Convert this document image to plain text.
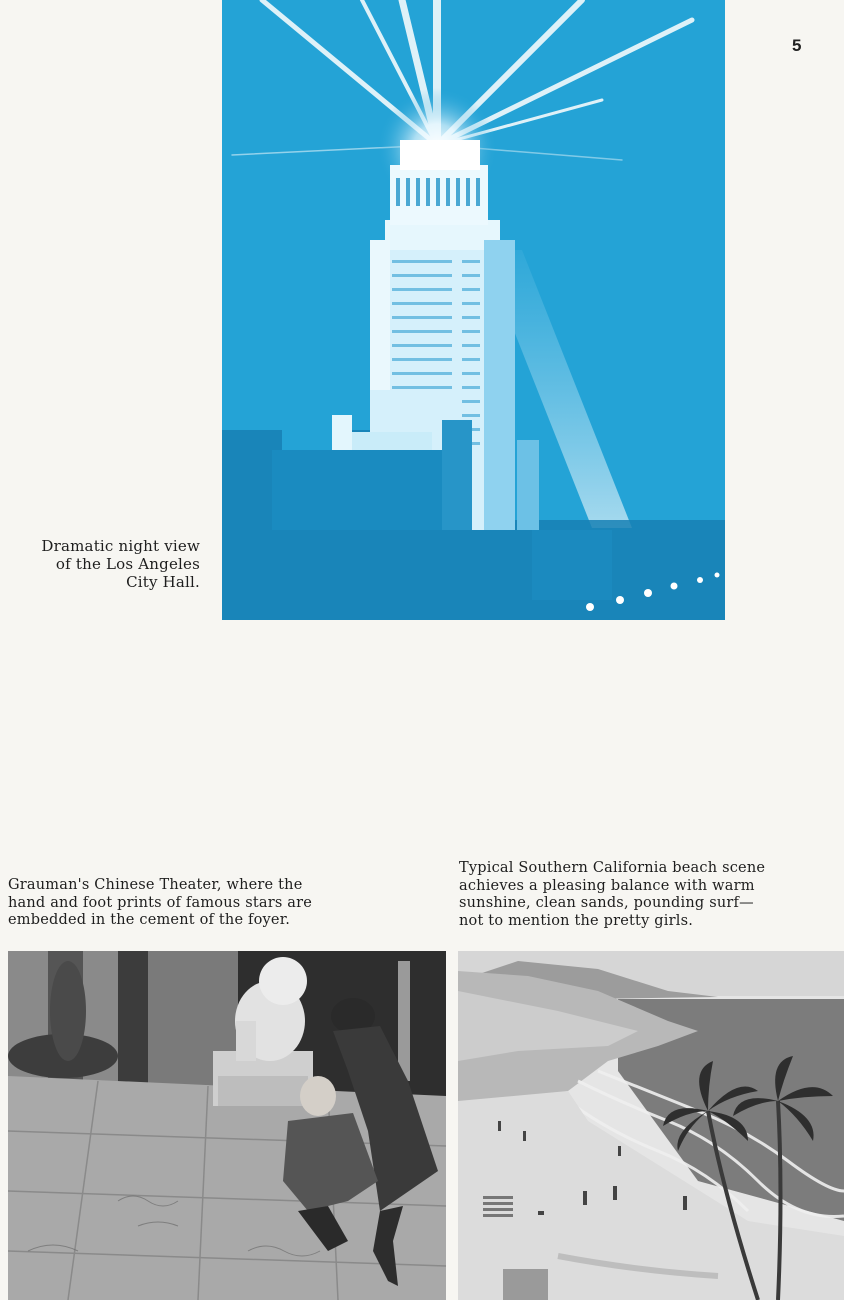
5
Dramatic night view
of the Los Angeles
City Hall.
Grauman's Chinese Theater, where the
hand and foot prints of famous stars are
embedded in the cement of the foyer.
Typical Southern California beach scene
achieves a pleasing balance with warm
sunshine, clean sands, pounding surf—
not to mention the pretty girls.
